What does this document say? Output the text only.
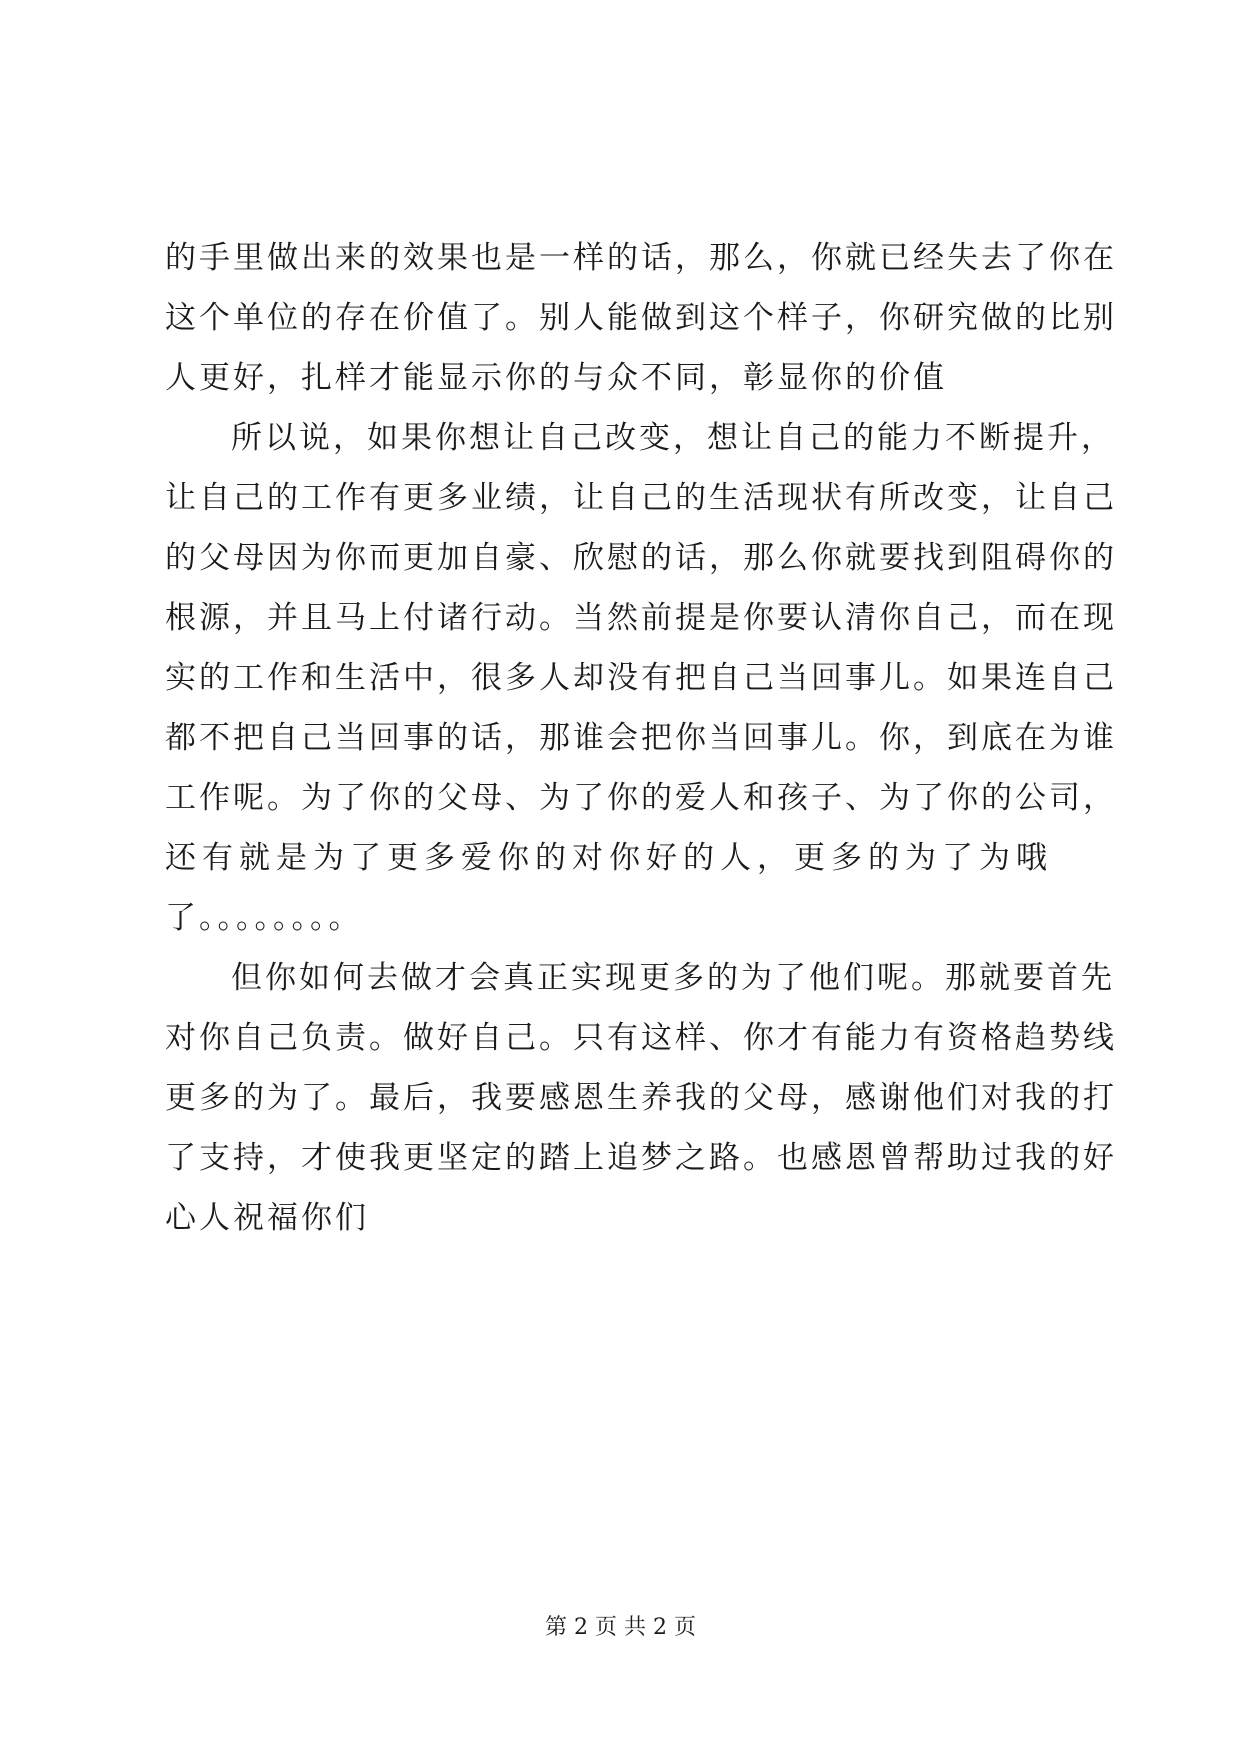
的手里做出来的效果也是一样的话，那么，你就已经失去了你在
这个单位的存在价值了。别人能做到这个样子，你研究做的比别
人更好，扎样才能显示你的与众不同，彰显你的价值
所以说，如果你想让自己改变，想让自己的能力不断提升，
让自己的工作有更多业绩，让自己的生活现状有所改变，让自己
的父母因为你而更加自豪、欣慰的话，那么你就要找到阻碍你的
根源，并且马上付诸行动。当然前提是你要认清你自己，而在现
实的工作和生活中，很多人却没有把自己当回事儿。如果连自己
都不把自己当回事的话，那谁会把你当回事儿。你，到底在为谁
工作呢。为了你的父母、为了你的爱人和孩子、为了你的公司，
还有就是为了更多爱你的对你好的人，更多的为了为哦
了。。。。。。。。
但你如何去做才会真正实现更多的为了他们呢。那就要首先
对你自己负责。做好自己。只有这样、你才有能力有资格趋势线
更多的为了。最后，我要感恩生养我的父母，感谢他们对我的打
了支持，才使我更坚定的踏上追梦之路。也感恩曾帮助过我的好
心人祝福你们
第 2 页 共 2 页
